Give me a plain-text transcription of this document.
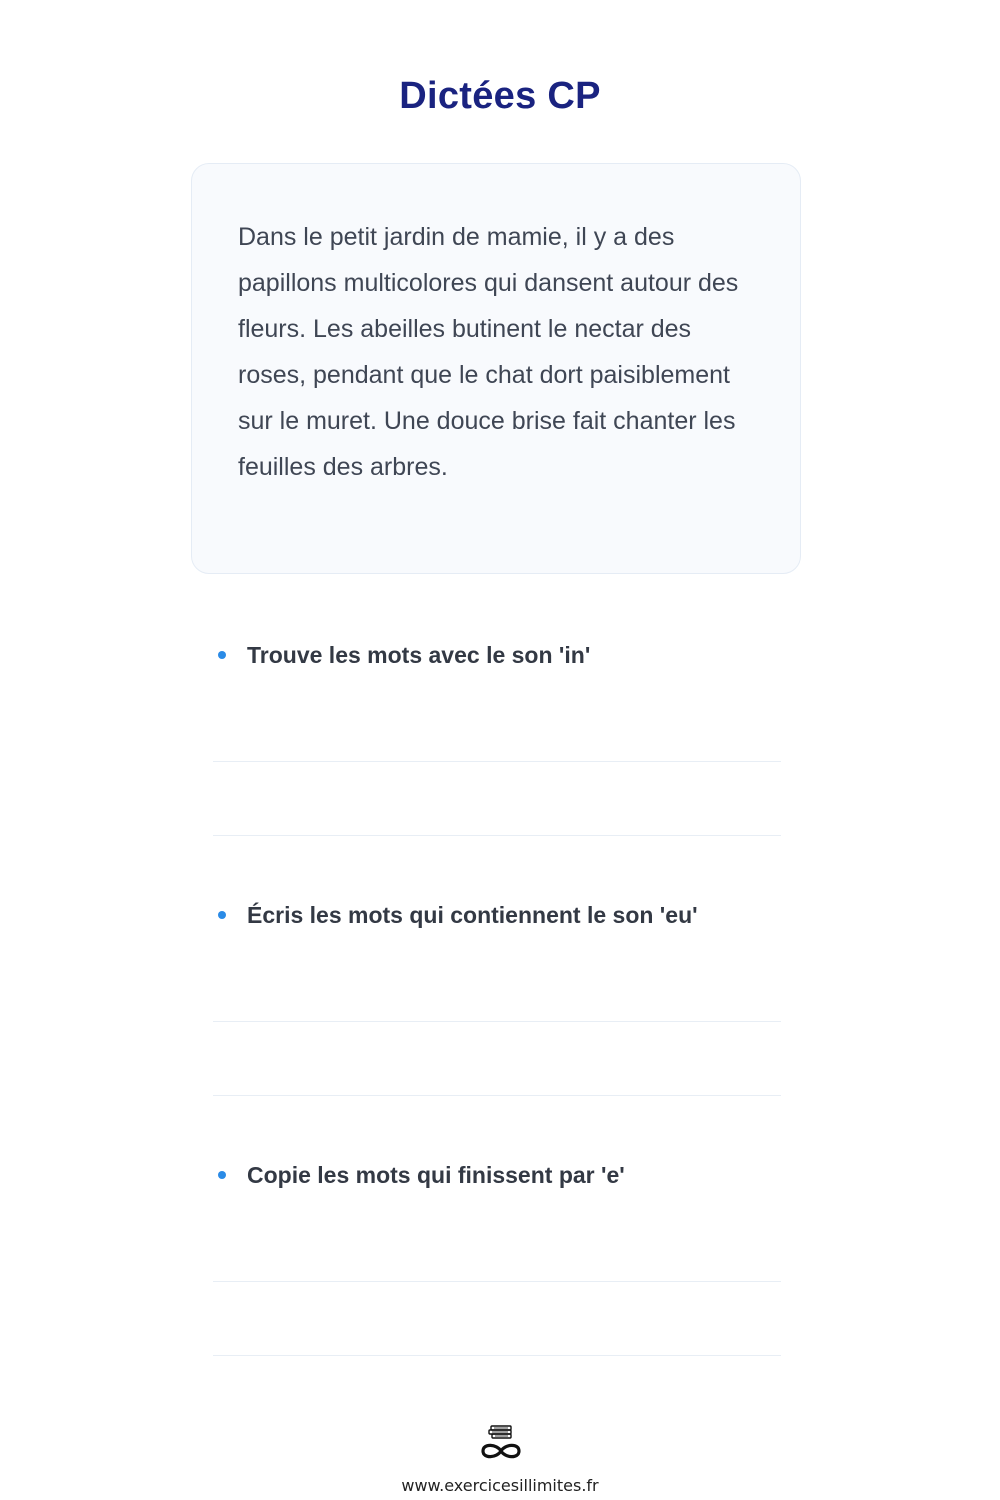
Dictées CP

Dans le petit jardin de mamie, il y a des papillons multicolores qui dansent autour des fleurs. Les abeilles butinent le nectar des roses, pendant que le chat dort paisiblement sur le muret. Une douce brise fait chanter les feuilles des arbres.

Trouve les mots avec le son 'in'
Écris les mots qui contiennent le son 'eu'
Copie les mots qui finissent par 'e'
www.exercicesillimites.fr
